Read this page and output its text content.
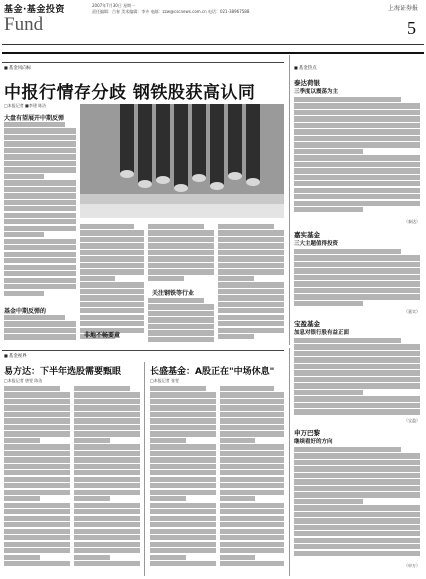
基金·基金投资
Fund
2007年7月30日 星期一
责任编辑：吕春 美术编辑：李卉 电邮：zzw@cscnews.com.cn 电话：021-38967588	上海证券报
5
■ 基金风向标
中报行情存分歧 钢铁股获高认同
□本报记者 ■李建 陈洁
大盘有望展开中期反弹
关注钢铁等行业
基金中期反弹的
非地不畅要童
■ 基金热点
泰达荷银
三季度以震荡为主
（泰达）
嘉实基金
三大主题值得投资
（嘉实）
宝盈基金
加息对银行股有益正面
（宝盈）
申万巴黎
继续看好的方向
（申万）
■ 基金视界
易方达：下半年选股需要甄眼
□本报记者 唐雯 陈洁
长盛基金：A股正在"中场休息"
□本报记者 张雯
